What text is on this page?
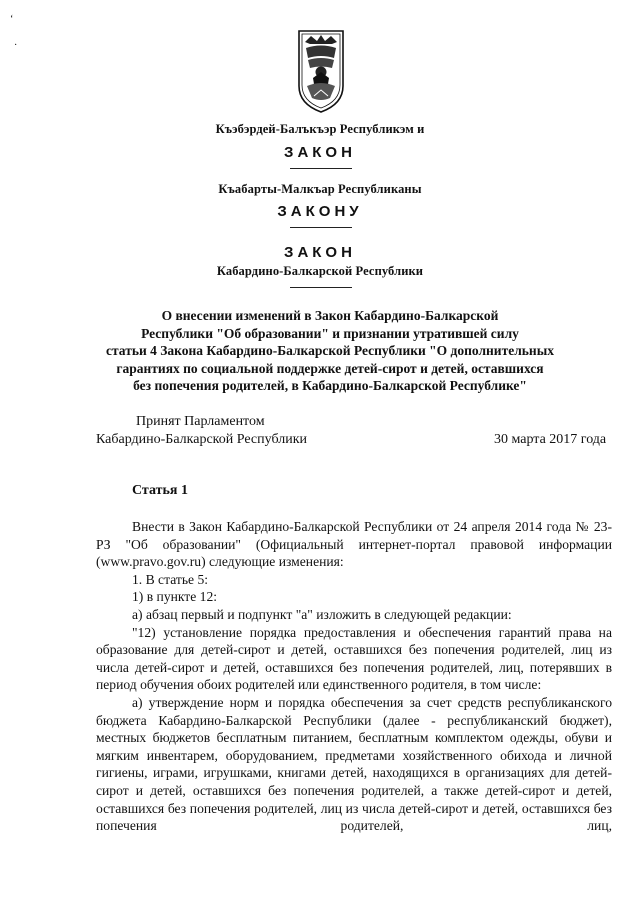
ʻ
·
Къэбэрдей-Балъкъэр Республикэм и
ЗАКОН
Къабарты-Малкъар Республиканы
ЗАКОНУ
ЗАКОН
Кабардино-Балкарской Республики
О внесении изменений в Закон Кабардино-Балкарской
Республики "Об образовании" и признании утратившей силу
статьи 4 Закона Кабардино-Балкарской Республики "О дополнительных
гарантиях по социальной поддержке детей-сирот и детей, оставшихся
без попечения родителей, в Кабардино-Балкарской Республике"
Принят Парламентом
Кабардино-Балкарской Республики	30 марта 2017 года
Статья 1

Внести в Закон Кабардино-Балкарской Республики от 24 апреля 2014 года № 23-РЗ "Об образовании" (Официальный интернет-портал правовой информации (www.pravo.gov.ru) следующие изменения:

1. В статье 5:

1) в пункте 12:

а) абзац первый и подпункт "а" изложить в следующей редакции:

"12) установление порядка предоставления и обеспечения гарантий права на образование для детей-сирот и детей, оставшихся без попечения родителей, лиц из числа детей-сирот и детей, оставшихся без попечения родителей, лиц, потерявших в период обучения обоих родителей или единственного родителя, в том числе:

а) утверждение норм и порядка обеспечения за счет средств республиканского бюджета Кабардино-Балкарской Республики (далее - республиканский бюджет), местных бюджетов бесплатным питанием, бесплатным комплектом одежды, обуви и мягким инвентарем, оборудованием, предметами хозяйственного обихода и личной гигиены, играми, игрушками, книгами детей, находящихся в организациях для детей-сирот и детей, оставшихся без попечения родителей, а также детей-сирот и детей, оставшихся без попечения родителей, лиц из числа детей-сирот и детей, оставшихся без попечения родителей, лиц,
